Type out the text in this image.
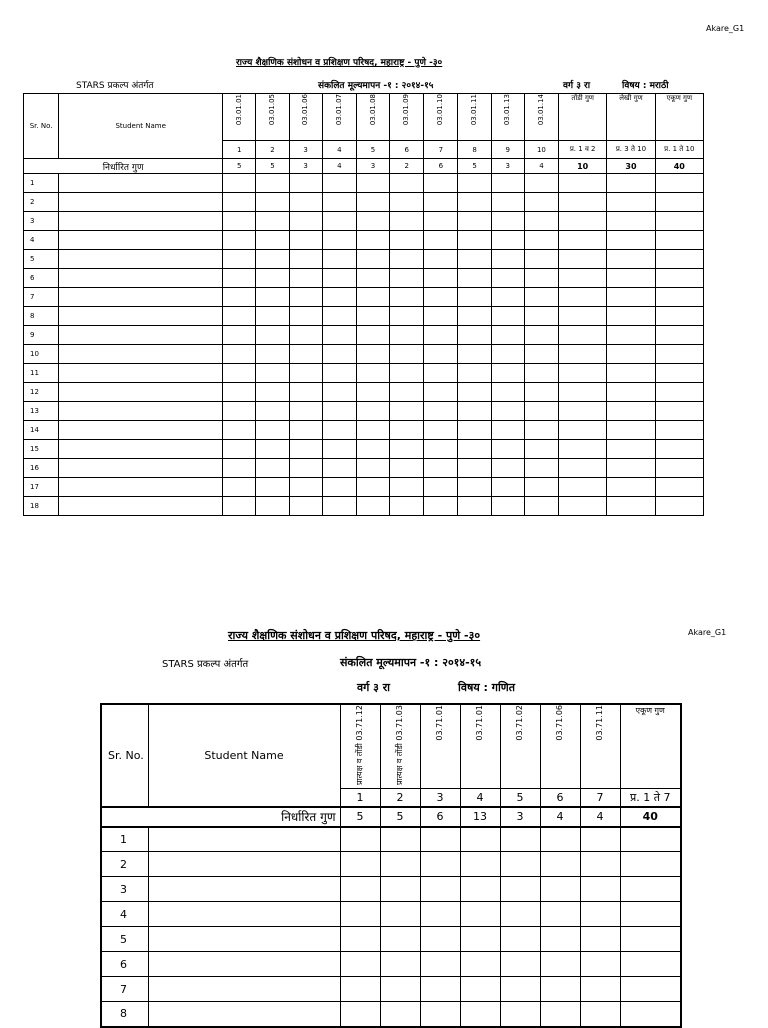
Akare_G1
राज्य शैक्षणिक संशोधन व प्रशिक्षण परिषद, महाराष्ट्र - पुणे -३०
STARS प्रकल्प अंतर्गत	संकलित मूल्यमापन -१ : २०१४-१५	वर्ग ३ रा	विषय : मराठी
Sr. No.	Student Name	03.01.01	03.01.05	03.01.06	03.01.07	03.01.08	03.01.09	03.01.10	03.01.11	03.01.13	03.01.14	तोंडी गुण	लेखी गुण	एकूण गुण
		1	2	3	4	5	6	7	8	9	10	प्र. 1 व 2	प्र. 3 ते 10	प्र. 1 ते 10
निर्धारित गुण		5	5	3	4	3	2	6	5	3	4	10	30	40
1														
2														
3														
4														
5														
6														
7														
8														
9														
10														
11														
12														
13														
14														
15														
16														
17														
18														
Akare_G1
राज्य शैक्षणिक संशोधन व प्रशिक्षण परिषद, महाराष्ट्र - पुणे -३०
STARS प्रकल्प अंतर्गत	संकलित मूल्यमापन -१ : २०१४-१५
वर्ग ३ रा	विषय : गणित
Sr. No.	Student Name	प्रात्यक्ष व तोंडी 03.71.12	प्रात्यक्ष व तोंडी 03.71.03	03.71.01	03.71.01	03.71.02	03.71.06	03.71.11	एकूण गुण
		1	2	3	4	5	6	7	प्र. 1 ते 7
निर्धारित गुण		5	5	6	13	3	4	4	40
1									
2									
3									
4									
5									
6									
7									
8									
